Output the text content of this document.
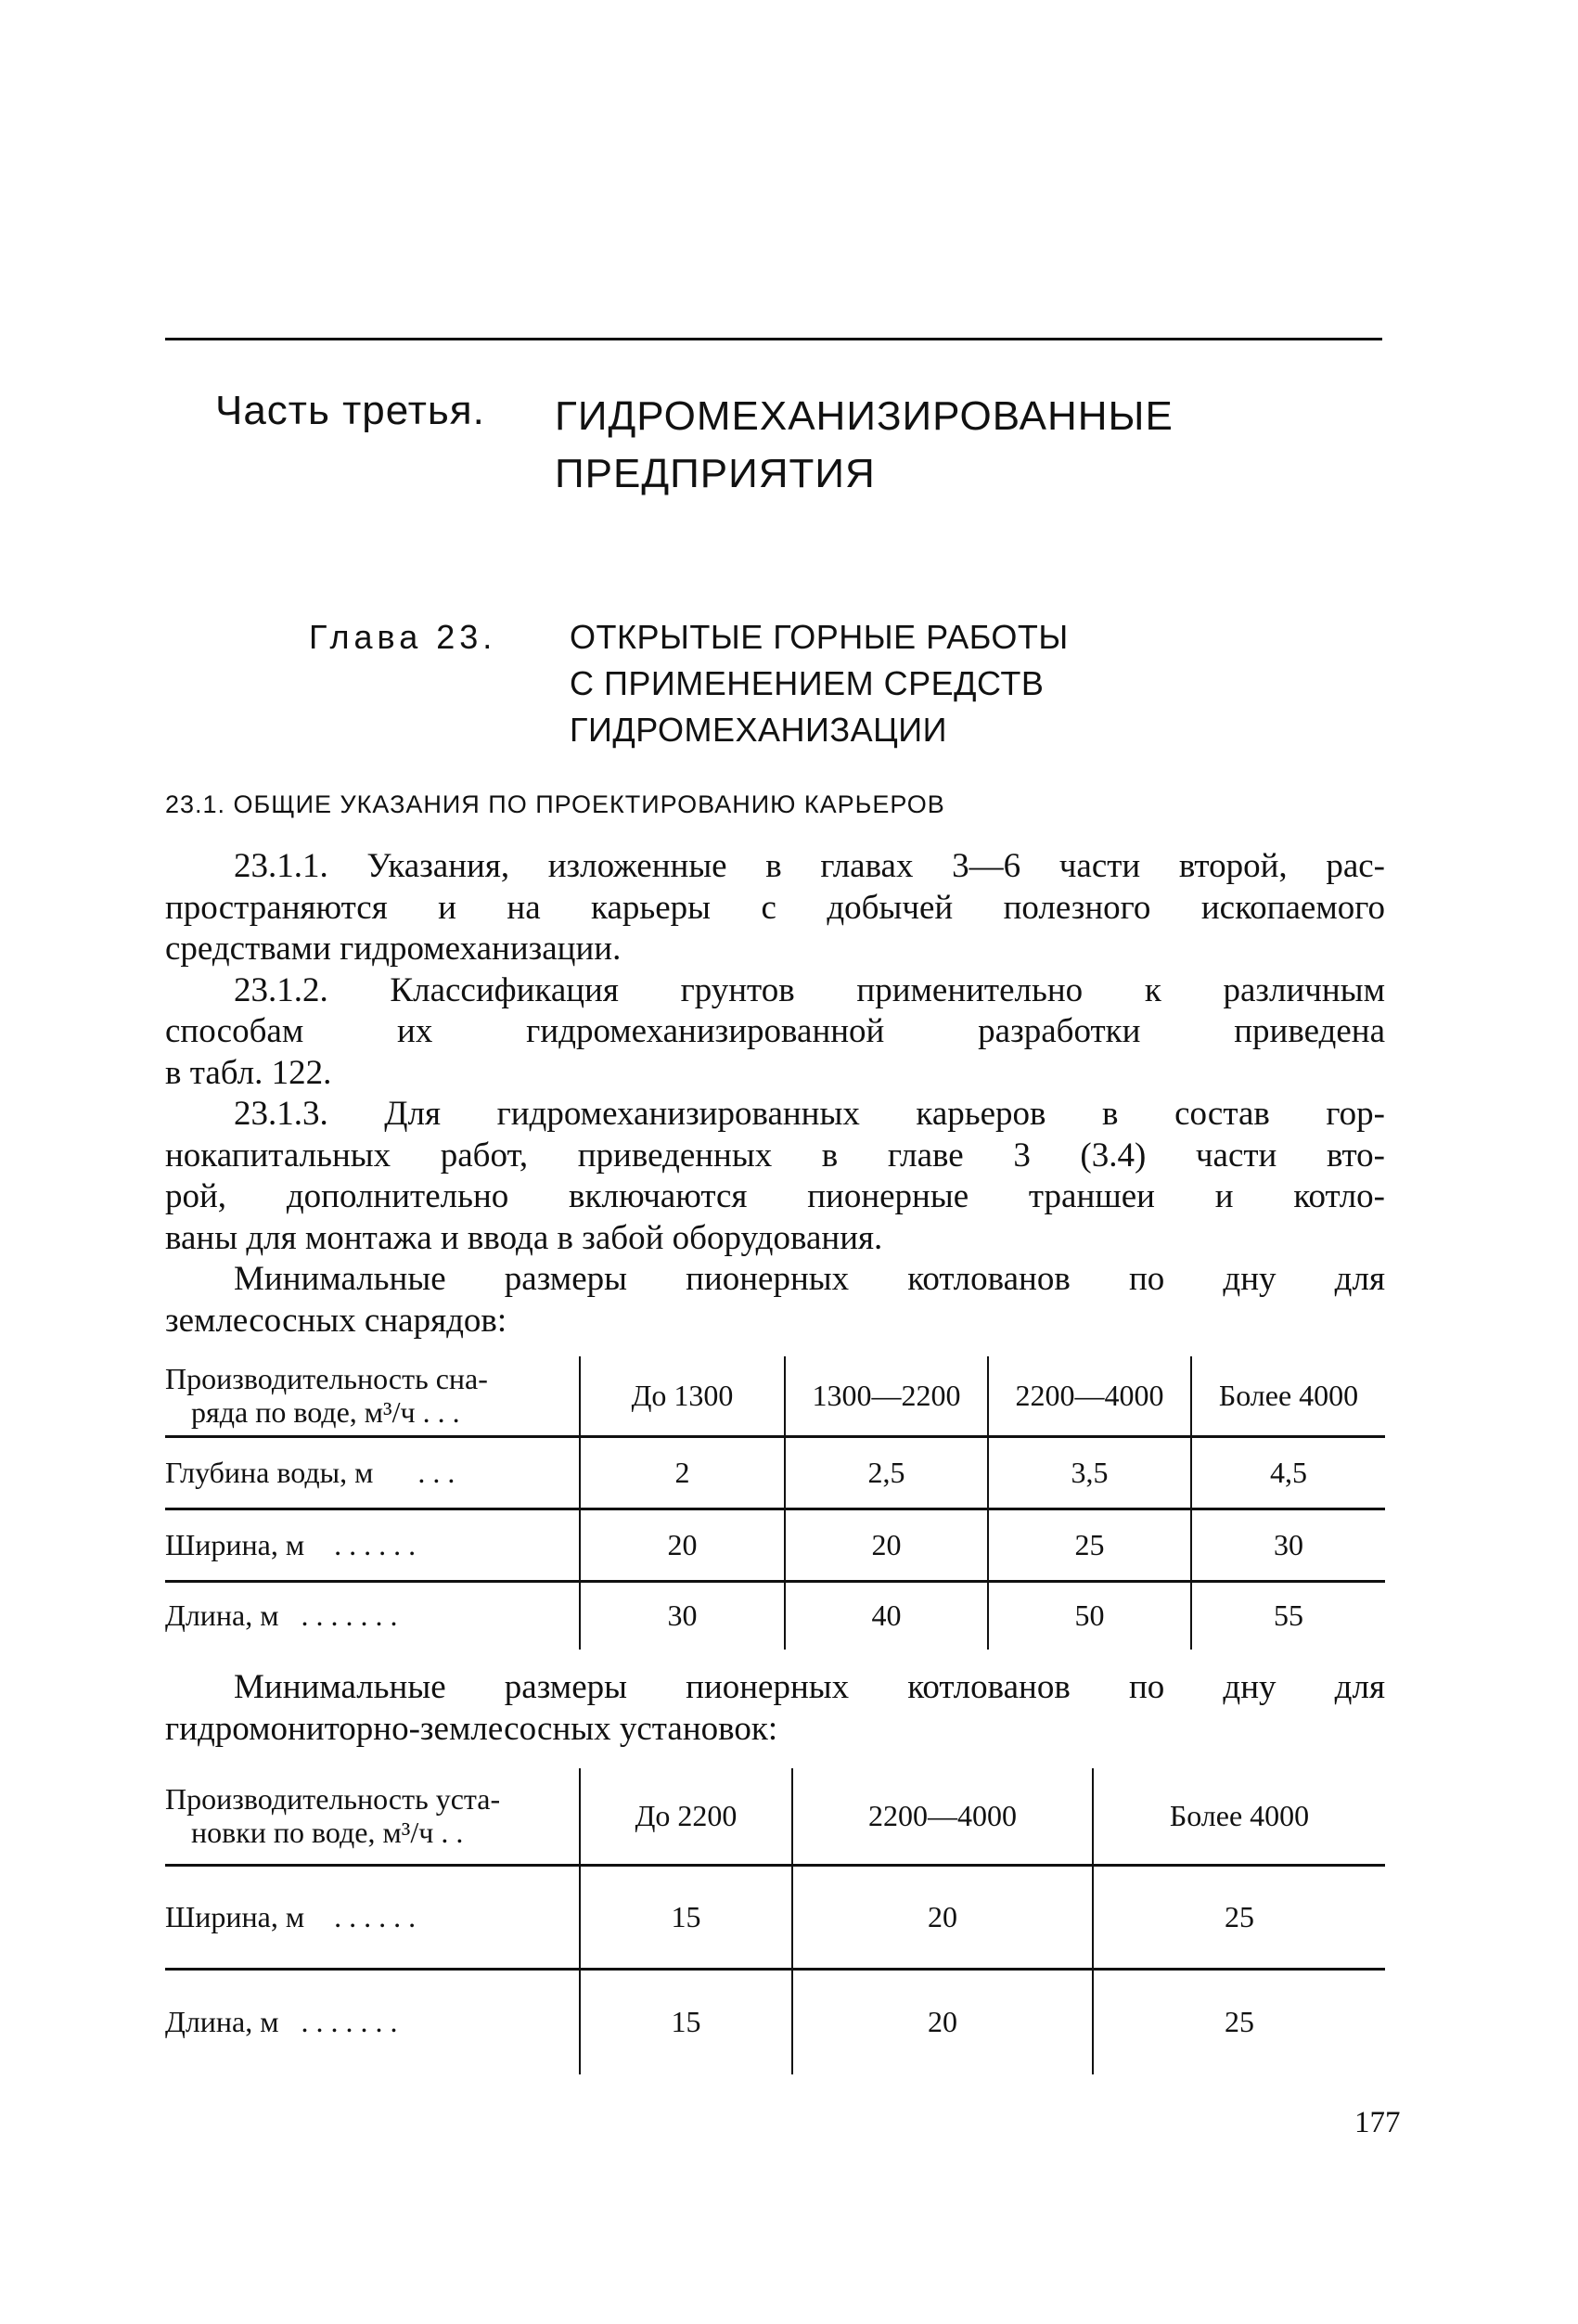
Часть третья. ГИДРОМЕХАНИЗИРОВАННЫЕ
ПРЕДПРИЯТИЯ
Глава 23. ОТКРЫТЫЕ ГОРНЫЕ РАБОТЫ
С ПРИМЕНЕНИЕМ СРЕДСТВ
ГИДРОМЕХАНИЗАЦИИ
23.1. ОБЩИЕ УКАЗАНИЯ ПО ПРОЕКТИРОВАНИЮ КАРЬЕРОВ
23.1.1. Указания, изложенные в главах 3—6 части второй, рас-
пространяются и на карьеры с добычей полезного ископаемого
средствами гидромеханизации.
23.1.2. Классификация грунтов применительно к различным
способам их гидромеханизированной разработки приведена
в табл. 122.
23.1.3. Для гидромеханизированных карьеров в состав гор-
нокапитальных работ, приведенных в главе 3 (3.4) части вто-
рой, дополнительно включаются пионерные траншеи и котло-
ваны для монтажа и ввода в забой оборудования.
Минимальные размеры пионерных котлованов по дну для
землесосных снарядов:
Производительность сна-
ряда по воде, м³/ч . . .	До 1300	1300—2200	2200—4000	Более 4000
Глубина воды, м      . . .	2	2,5	3,5	4,5
Ширина, м    . . . . . .	20	20	25	30
Длина, м   . . . . . . .	30	40	50	55
Минимальные размеры пионерных котлованов по дну для
гидромониторно-землесосных установок:
Производительность уста-
новки по воде, м³/ч . .	До 2200	2200—4000	Более 4000
Ширина, м    . . . . . .	15	20	25
Длина, м   . . . . . . .	15	20	25
177
